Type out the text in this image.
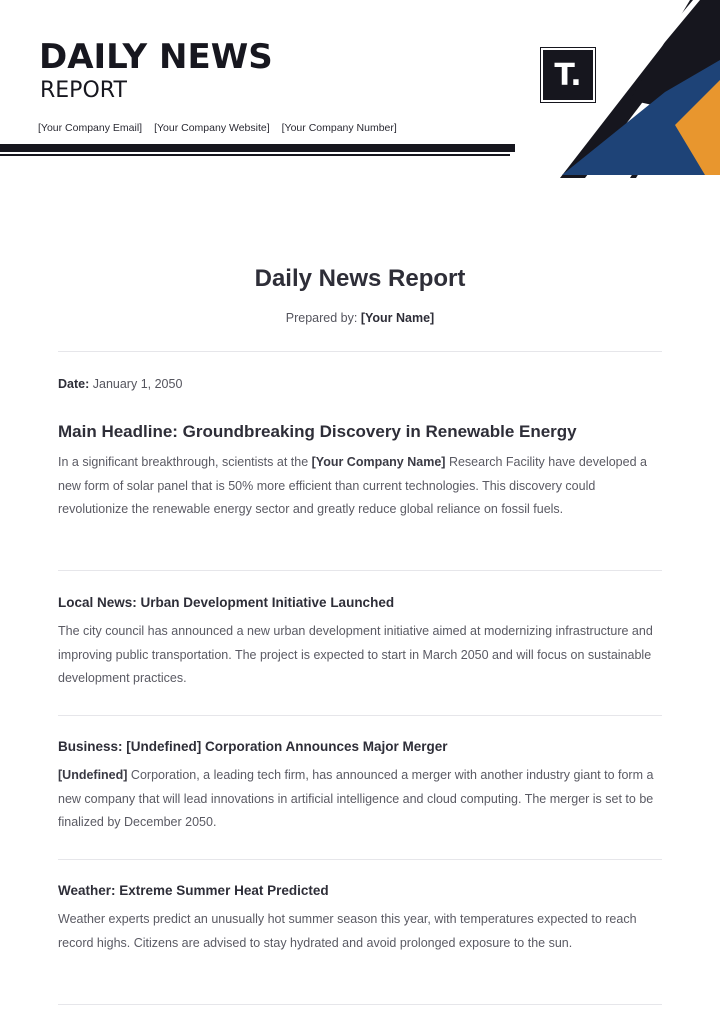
DAILY NEWS
REPORT
[Your Company Email] [Your Company Website] [Your Company Number]
T.
Daily News Report
Prepared by: [Your Name]
Date: January 1, 2050
Main Headline: Groundbreaking Discovery in Renewable Energy

In a significant breakthrough, scientists at the [Your Company Name] Research Facility have developed a new form of solar panel that is 50% more efficient than current technologies. This discovery could revolutionize the renewable energy sector and greatly reduce global reliance on fossil fuels.

Local News: Urban Development Initiative Launched

The city council has announced a new urban development initiative aimed at modernizing infrastructure and improving public transportation. The project is expected to start in March 2050 and will focus on sustainable development practices.

Business: [Undefined] Corporation Announces Major Merger

[Undefined] Corporation, a leading tech firm, has announced a merger with another industry giant to form a new company that will lead innovations in artificial intelligence and cloud computing. The merger is set to be finalized by December 2050.

Weather: Extreme Summer Heat Predicted

Weather experts predict an unusually hot summer season this year, with temperatures expected to reach record highs. Citizens are advised to stay hydrated and avoid prolonged exposure to the sun.
